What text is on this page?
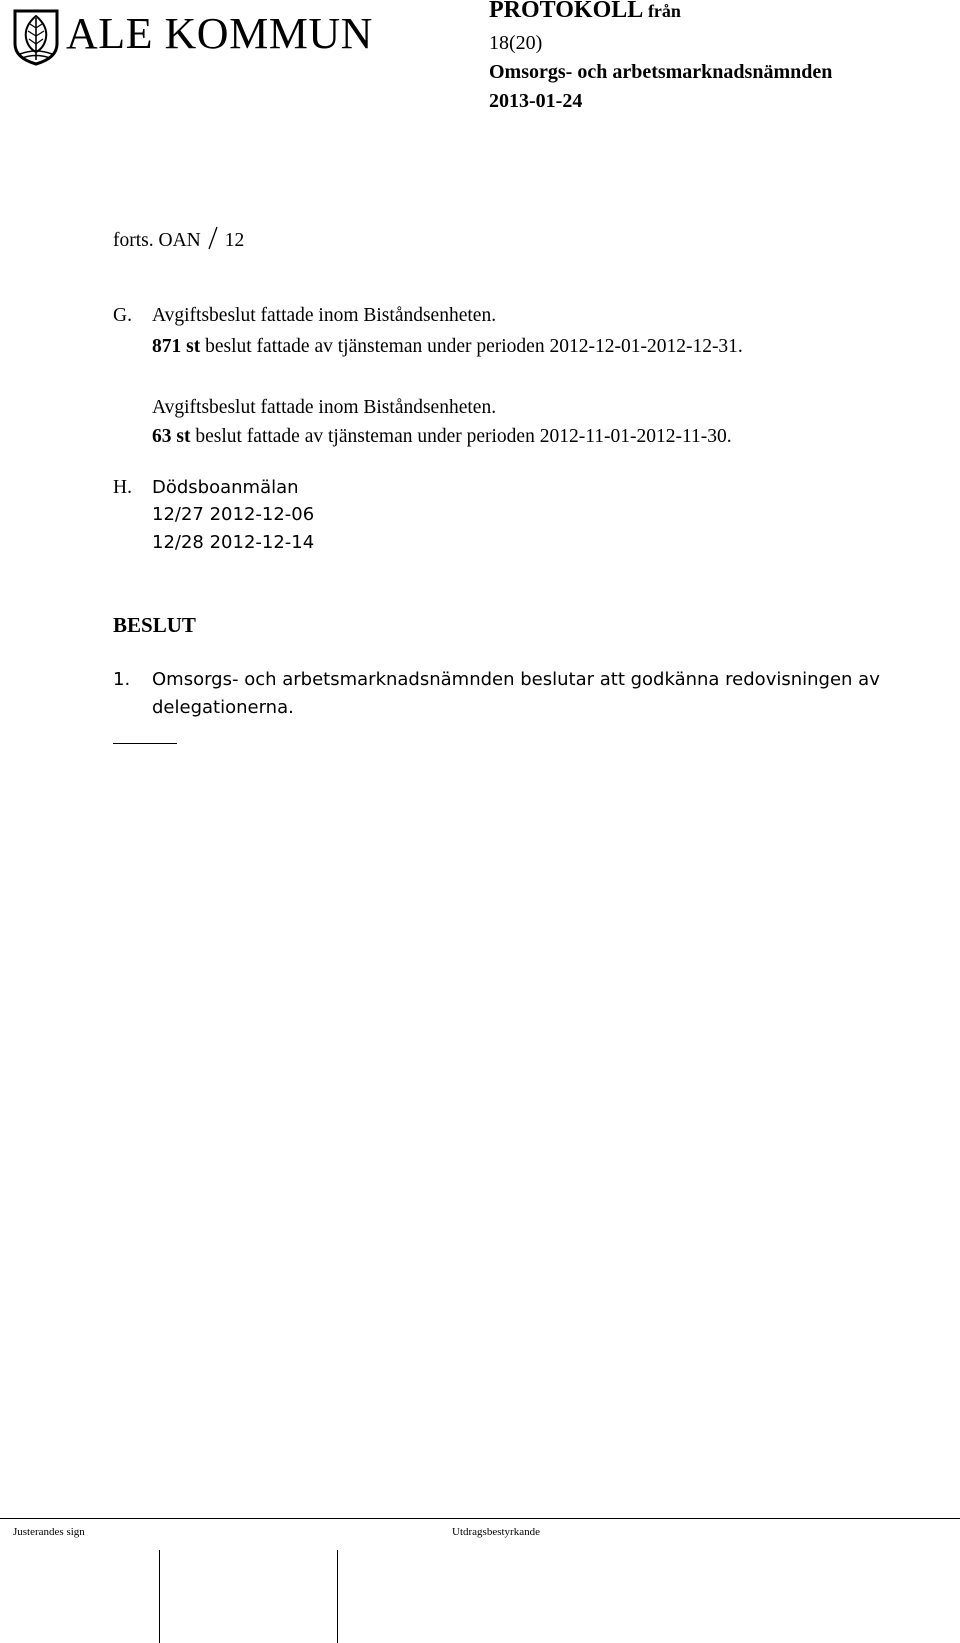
ALE KOMMUN	PROTOKOLL från
18(20)
Omsorgs- och arbetsmarknadsnämnden
2013-01-24
forts. OAN 12
G. Avgiftsbeslut fattade inom Biståndsenheten.
871 st beslut fattade av tjänsteman under perioden 2012-12-01-2012-12-31.
Avgiftsbeslut fattade inom Biståndsenheten.
63 st beslut fattade av tjänsteman under perioden 2012-11-01-2012-11-30.
H. Dödsboanmälan
12/27 2012-12-06
12/28 2012-12-14
BESLUT
1. Omsorgs- och arbetsmarknadsnämnden beslutar att godkänna redovisningen av
delegationerna.
Justerandes sign	Utdragsbestyrkande
